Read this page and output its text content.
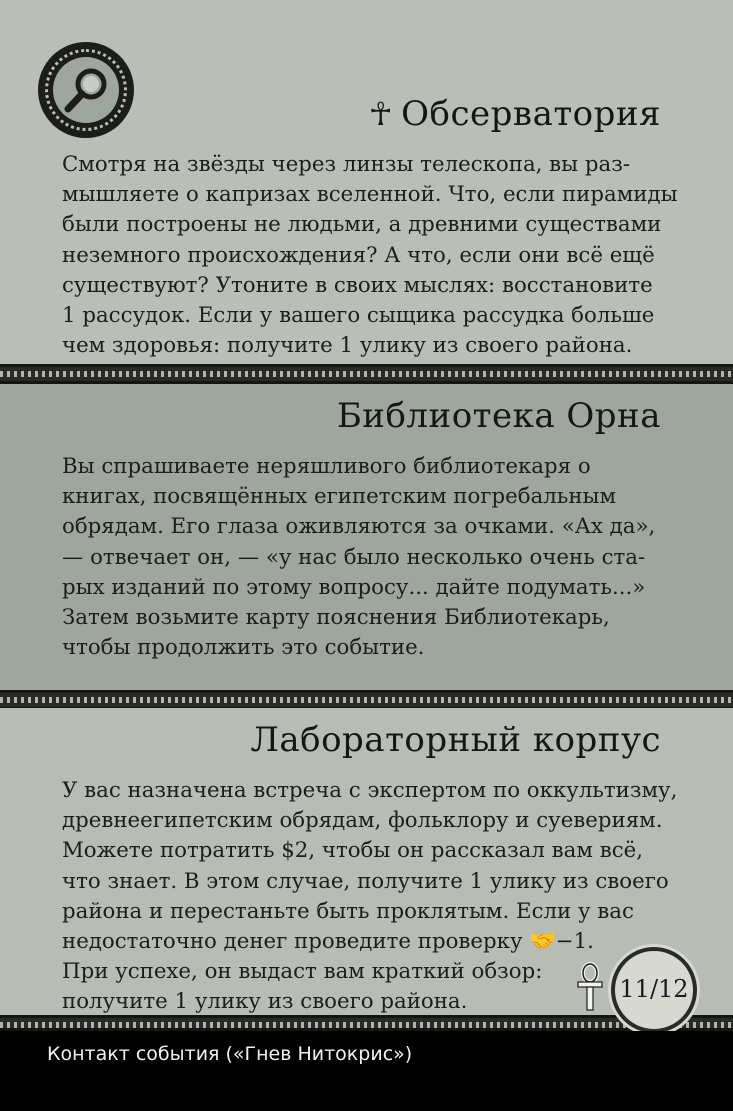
☥ Обсерватория

Смотря на звёзды через линзы телескопа, вы раз-
мышляете о капризах вселенной. Что, если пирамиды
были построены не людьми, а древними существами
неземного происхождения? А что, если они всё ещё
существуют? Утоните в своих мыслях: восстановите
1 рассудок. Если у вашего сыщика рассудка больше
чем здоровья: получите 1 улику из своего района.

Библиотека Орна

Вы спрашиваете неряшливого библиотекаря о
книгах, посвящённых египетским погребальным
обрядам. Его глаза оживляются за очками. «Ах да»,
— отвечает он, — «у нас было несколько очень ста-
рых изданий по этому вопросу... дайте подумать...»
Затем возьмите карту пояснения Библиотекарь,
чтобы продолжить это событие.

Лабораторный корпус

У вас назначена встреча с экспертом по оккультизму,
древнеегипетским обрядам, фольклору и суевериям.
Можете потратить $2, чтобы он рассказал вам всё,
что знает. В этом случае, получите 1 улику из своего
района и перестаньте быть проклятым. Если у вас
недостаточно денег проведите проверку 🤝−1.
При успехе, он выдаст вам краткий обзор:
получите 1 улику из своего района.	11/12
Контакт события («Гнев Нитокрис»)
